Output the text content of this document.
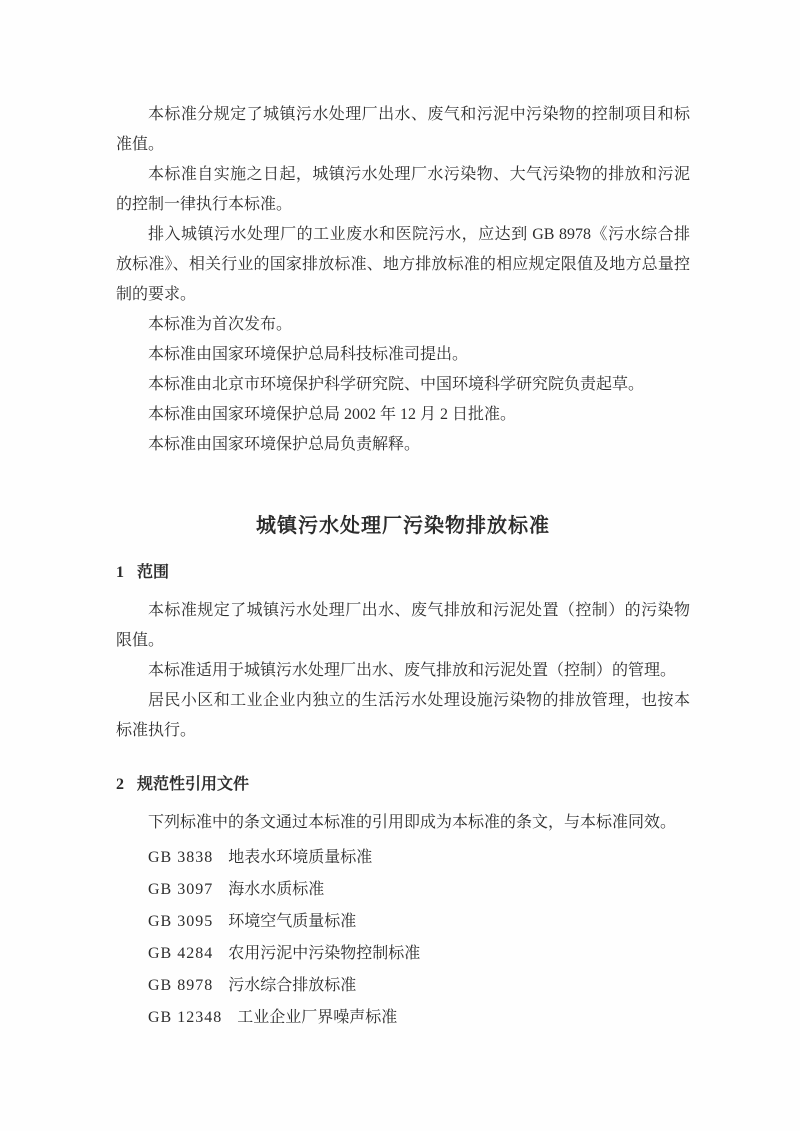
本标准分规定了城镇污水处理厂出水、废气和污泥中污染物的控制项目和标准值。

本标准自实施之日起，城镇污水处理厂水污染物、大气污染物的排放和污泥的控制一律执行本标准。

排入城镇污水处理厂的工业废水和医院污水，应达到 GB 8978《污水综合排放标准》、相关行业的国家排放标准、地方排放标准的相应规定限值及地方总量控制的要求。

本标准为首次发布。

本标准由国家环境保护总局科技标准司提出。

本标准由北京市环境保护科学研究院、中国环境科学研究院负责起草。

本标准由国家环境保护总局 2002 年 12 月 2 日批准。

本标准由国家环境保护总局负责解释。

城镇污水处理厂污染物排放标准
1 范围

本标准规定了城镇污水处理厂出水、废气排放和污泥处置（控制）的污染物限值。

本标准适用于城镇污水处理厂出水、废气排放和污泥处置（控制）的管理。

居民小区和工业企业内独立的生活污水处理设施污染物的排放管理，也按本标准执行。

2 规范性引用文件

下列标准中的条文通过本标准的引用即成为本标准的条文，与本标准同效。

GB 3838 地表水环境质量标准
GB 3097 海水水质标准
GB 3095 环境空气质量标准
GB 4284 农用污泥中污染物控制标准
GB 8978 污水综合排放标准
GB 12348 工业企业厂界噪声标准
